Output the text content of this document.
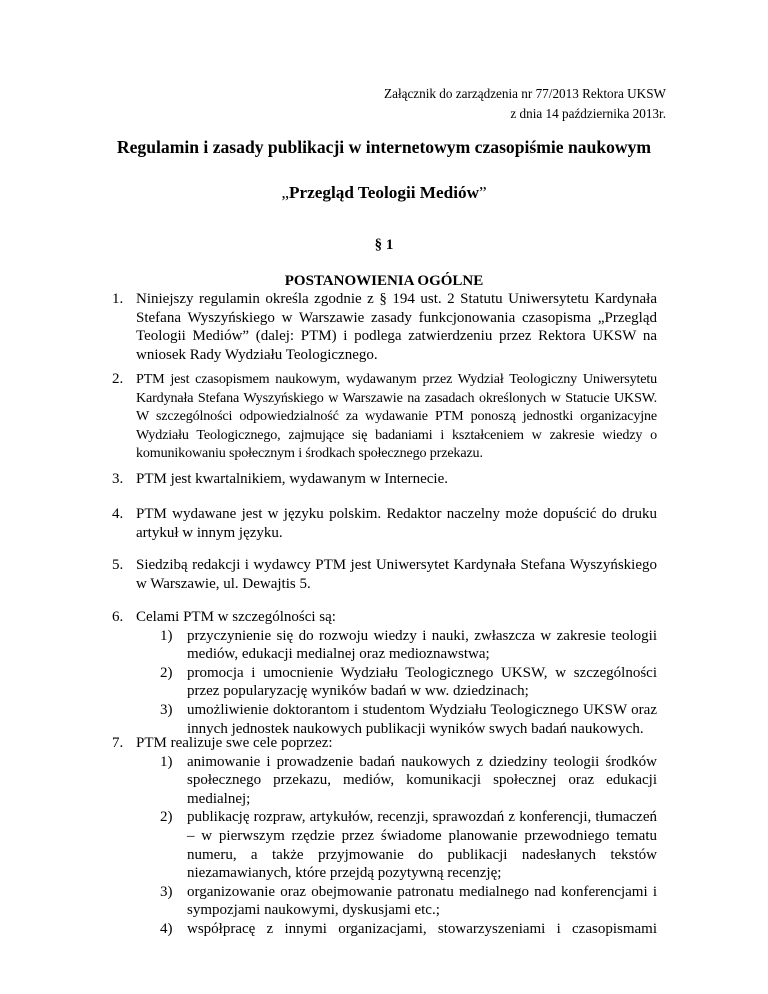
Załącznik do zarządzenia nr 77/2013 Rektora UKSW
z dnia 14 października 2013r.
Regulamin i zasady publikacji w internetowym czasopiśmie naukowym
„Przegląd Teologii Mediów”
§ 1
POSTANOWIENIA OGÓLNE
1. Niniejszy regulamin określa zgodnie z § 194 ust. 2 Statutu Uniwersytetu Kardynała Stefana Wyszyńskiego w Warszawie zasady funkcjonowania czasopisma „Przegląd Teologii Mediów” (dalej: PTM) i podlega zatwierdzeniu przez Rektora UKSW na wniosek Rady Wydziału Teologicznego.
2. PTM jest czasopismem naukowym, wydawanym przez Wydział Teologiczny Uniwersytetu Kardynała Stefana Wyszyńskiego w Warszawie na zasadach określonych w Statucie UKSW. W szczególności odpowiedzialność za wydawanie PTM ponoszą jednostki organizacyjne Wydziału Teologicznego, zajmujące się badaniami i kształceniem w zakresie wiedzy o komunikowaniu społecznym i środkach społecznego przekazu.
3. PTM jest kwartalnikiem, wydawanym w Internecie.
4. PTM wydawane jest w języku polskim. Redaktor naczelny może dopuścić do druku artykuł w innym języku.
5. Siedzibą redakcji i wydawcy PTM jest Uniwersytet Kardynała Stefana Wyszyńskiego w Warszawie, ul. Dewajtis 5.
6. Celami PTM w szczególności są:
1) przyczynienie się do rozwoju wiedzy i nauki, zwłaszcza w zakresie teologii mediów, edukacji medialnej oraz medioznawstwa;
2) promocja i umocnienie Wydziału Teologicznego UKSW, w szczególności przez popularyzację wyników badań w ww. dziedzinach;
3) umożliwienie doktorantom i studentom Wydziału Teologicznego UKSW oraz innych jednostek naukowych publikacji wyników swych badań naukowych.
7. PTM realizuje swe cele poprzez:
1) animowanie i prowadzenie badań naukowych z dziedziny teologii środków społecznego przekazu, mediów, komunikacji społecznej oraz edukacji medialnej;
2) publikację rozpraw, artykułów, recenzji, sprawozdań z konferencji, tłumaczeń – w pierwszym rzędzie przez świadome planowanie przewodniego tematu numeru, a także przyjmowanie do publikacji nadesłanych tekstów niezamawianych, które przejdą pozytywną recenzję;
3) organizowanie oraz obejmowanie patronatu medialnego nad konferencjami i sympozjami naukowymi, dyskusjami etc.;
4) współpracę z innymi organizacjami, stowarzyszeniami i czasopismami
